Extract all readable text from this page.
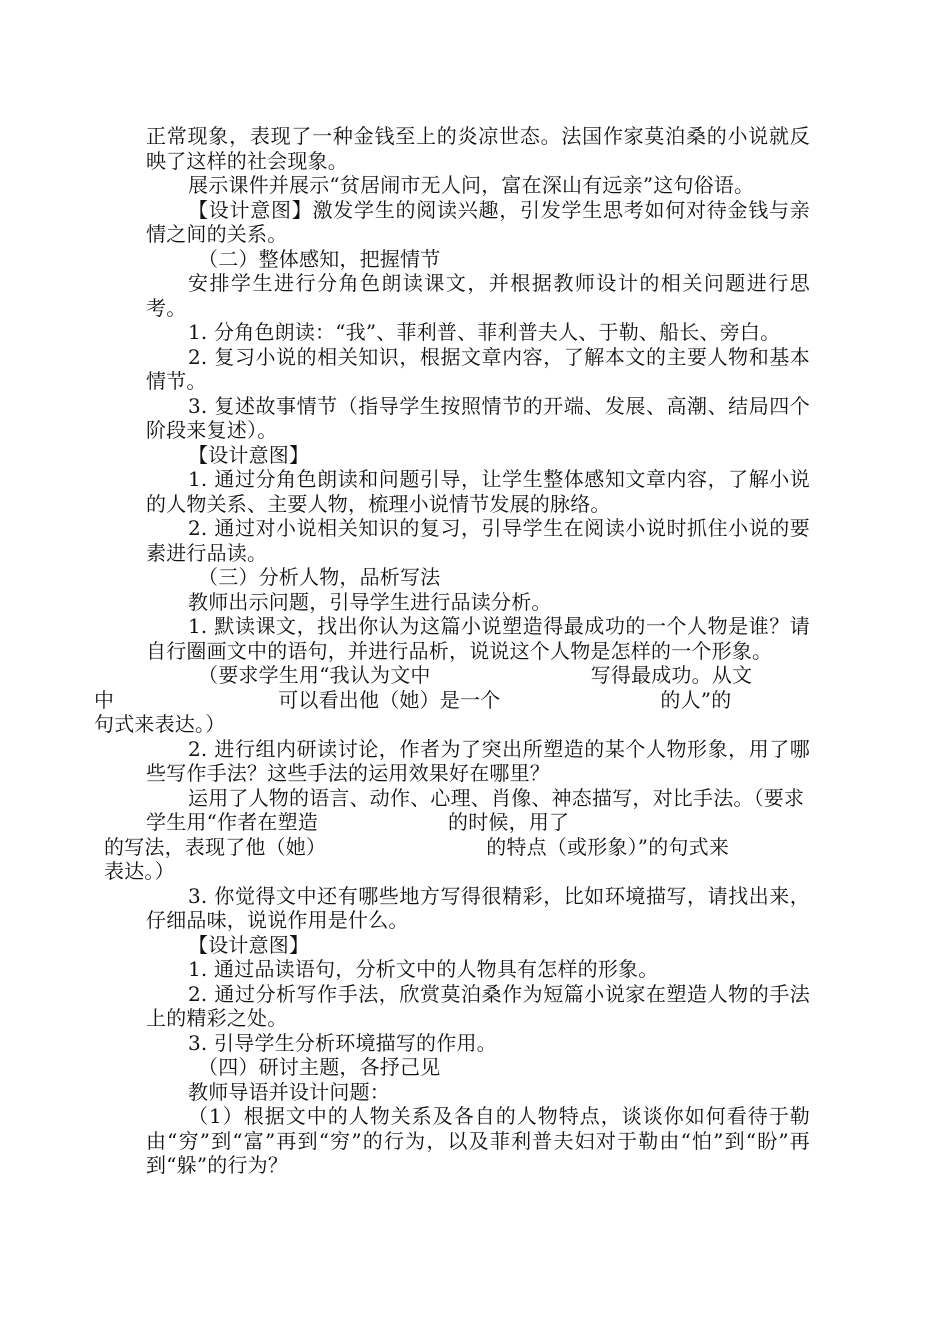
正常现象，表现了一种金钱至上的炎凉世态。法国作家莫泊桑的小说就反映了这样的社会现象。

展示课件并展示“贫居闹市无人问，富在深山有远亲”这句俗语。

【设计意图】激发学生的阅读兴趣，引发学生思考如何对待金钱与亲情之间的关系。

（二）整体感知，把握情节

安排学生进行分角色朗读课文，并根据教师设计的相关问题进行思考。

1. 分角色朗读：“我”、菲利普、菲利普夫人、于勒、船长、旁白。

2. 复习小说的相关知识，根据文章内容，了解本文的主要人物和基本情节。

3. 复述故事情节（指导学生按照情节的开端、发展、高潮、结局四个阶段来复述）。

【设计意图】

1. 通过分角色朗读和问题引导，让学生整体感知文章内容，了解小说的人物关系、主要人物，梳理小说情节发展的脉络。

2. 通过对小说相关知识的复习，引导学生在阅读小说时抓住小说的要素进行品读。

（三）分析人物，品析写法

教师出示问题，引导学生进行品读分析。

1. 默读课文，找出你认为这篇小说塑造得最成功的一个人物是谁？请自行圈画文中的语句，并进行品析，说说这个人物是怎样的一个形象。

（要求学生用“我认为文中	写得最成功。从文
中	可以看出他（她）是一个	的人”的
句式来表达。）

2. 进行组内研读讨论，作者为了突出所塑造的某个人物形象，用了哪些写作手法？这些手法的运用效果好在哪里？

运用了人物的语言、动作、心理、肖像、神态描写，对比手法。（要求学生用“作者在塑造	的时候，用了
的写法，表现了他（她）	的特点（或形象）”的句式来
表达。）

3. 你觉得文中还有哪些地方写得很精彩，比如环境描写，请找出来，仔细品味，说说作用是什么。

【设计意图】

1. 通过品读语句，分析文中的人物具有怎样的形象。

2. 通过分析写作手法，欣赏莫泊桑作为短篇小说家在塑造人物的手法上的精彩之处。

3. 引导学生分析环境描写的作用。

（四）研讨主题，各抒己见

教师导语并设计问题：

（1）根据文中的人物关系及各自的人物特点，谈谈你如何看待于勒由“穷”到“富”再到“穷”的行为，以及菲利普夫妇对于勒由“怕”到“盼”再到“躲”的行为？
